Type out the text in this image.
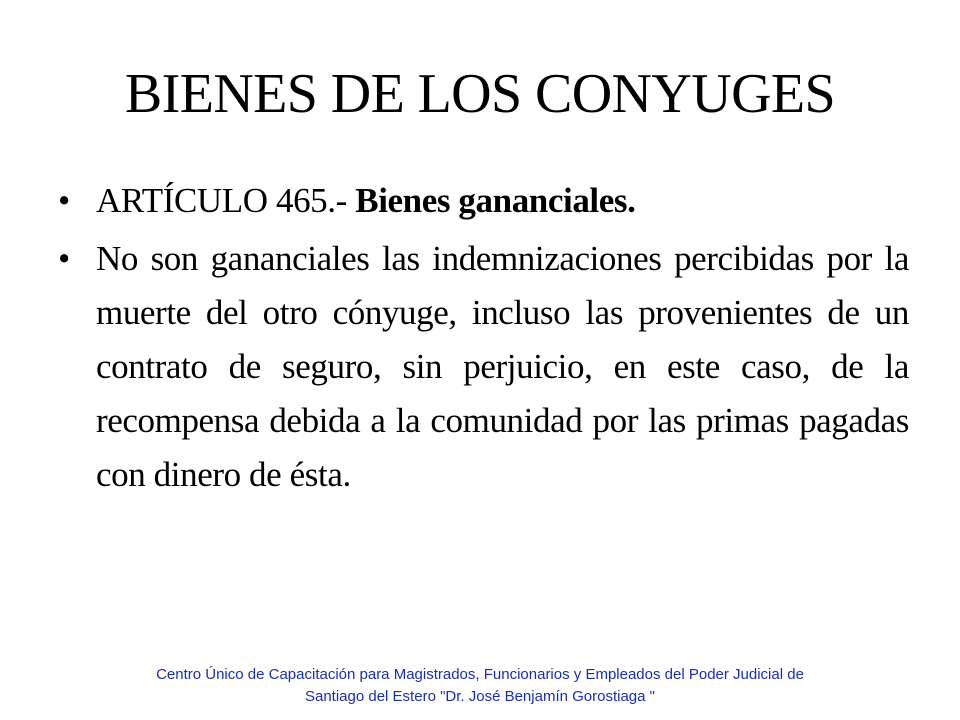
BIENES DE LOS CONYUGES
• ARTÍCULO 465.- Bienes gananciales.
• No son gananciales las indemnizaciones percibidas por la muerte del otro cónyuge, incluso las provenientes de un contrato de seguro, sin perjuicio, en este caso, de la recompensa debida a la comunidad por las primas pagadas con dinero de ésta.
Centro Único de Capacitación para Magistrados, Funcionarios y Empleados del Poder Judicial de
Santiago del Estero "Dr. José Benjamín Gorostiaga "
